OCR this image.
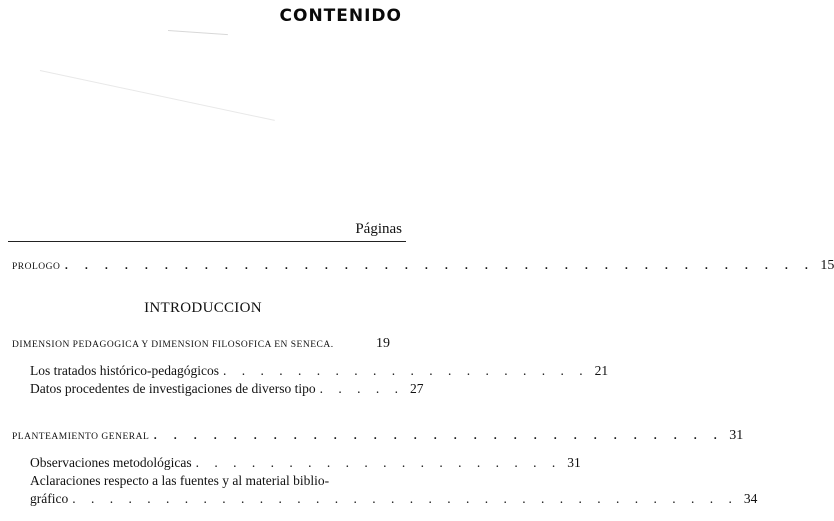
CONTENIDO
Páginas
PROLOGO . . . . . . . . . . . . . . . . . . . . . . . . . . . . . . . . . . . . . . 15
INTRODUCCION
DIMENSION PEDAGOGICA Y DIMENSION FILOSOFICA EN SENECA.	19
Los tratados histórico-pedagógicos . . . . . . . . . . . . . . . . . . . . 21
Datos procedentes de investigaciones de diverso tipo . . . . . 27
PLANTEAMIENTO GENERAL . . . . . . . . . . . . . . . . . . . . . . . . . . . . . 31
Observaciones metodológicas . . . . . . . . . . . . . . . . . . . . 31
Aclaraciones respecto a las fuentes y al material biblio-
gráfico . . . . . . . . . . . . . . . . . . . . . . . . . . . . . . . . . . . . 34
